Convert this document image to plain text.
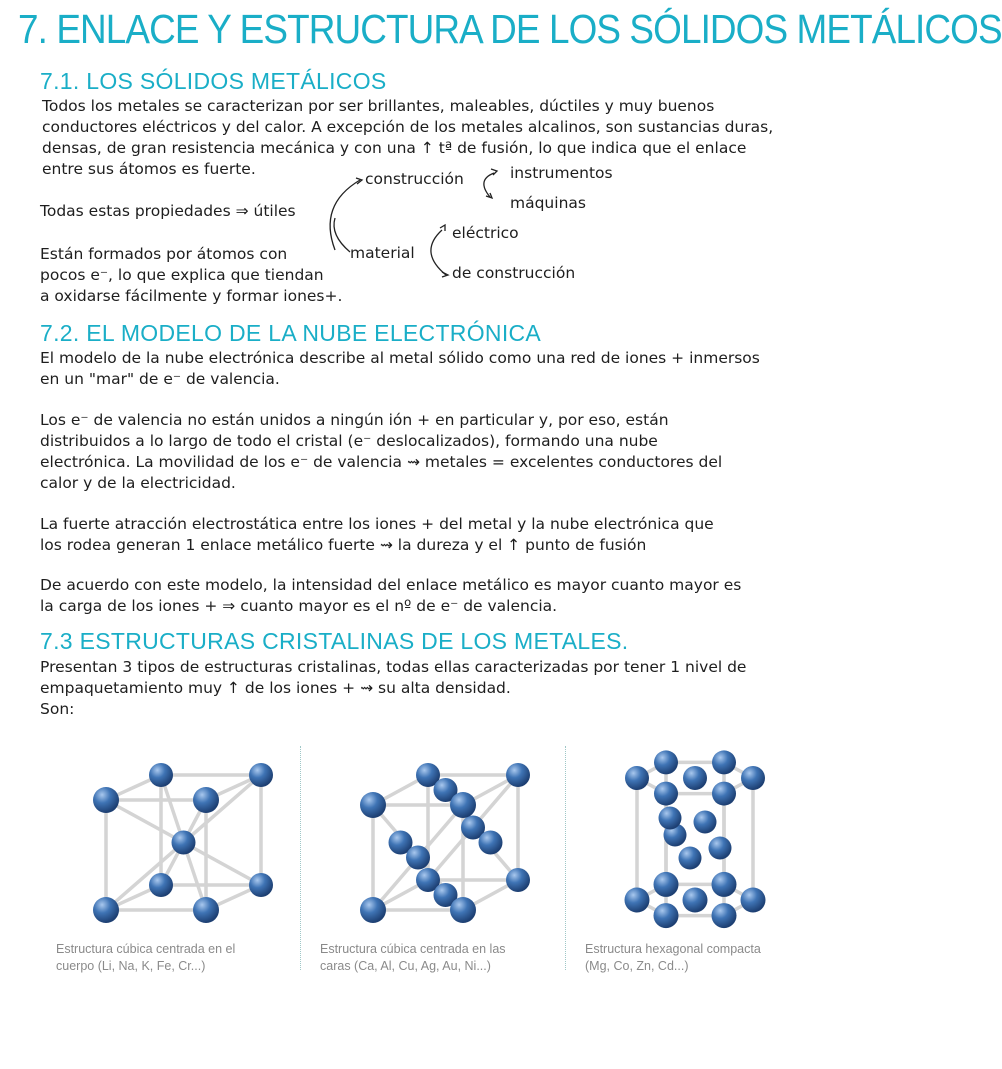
7. ENLACE Y ESTRUCTURA DE LOS SÓLIDOS METÁLICOS
7.1. LOS SÓLIDOS METÁLICOS
Todos los metales se caracterizan por ser brillantes, maleables, dúctiles y muy buenos
conductores eléctricos y del calor. A excepción de los metales alcalinos, son sustancias duras,
densas, de gran resistencia mecánica y con una ↑ tª de fusión, lo que indica que el enlace
entre sus átomos es fuerte.
Todas estas propiedades ⇒ útiles
Están formados por átomos con
pocos e⁻, lo que explica que tiendan
a oxidarse fácilmente y formar iones+.
construcción	instrumentos
máquinas
material
eléctrico
de construcción
7.2. EL MODELO DE LA NUBE ELECTRÓNICA
El modelo de la nube electrónica describe al metal sólido como una red de iones + inmersos
en un "mar" de e⁻ de valencia.
Los e⁻ de valencia no están unidos a ningún ión + en particular y, por eso, están
distribuidos a lo largo de todo el cristal (e⁻ deslocalizados), formando una nube
electrónica. La movilidad de los e⁻ de valencia ⇝ metales = excelentes conductores del
calor y de la electricidad.
La fuerte atracción electrostática entre los iones + del metal y la nube electrónica que
los rodea generan 1 enlace metálico fuerte ⇝ la dureza y el ↑ punto de fusión
De acuerdo con este modelo, la intensidad del enlace metálico es mayor cuanto mayor es
la carga de los iones + ⇒ cuanto mayor es el nº de e⁻ de valencia.
7.3 ESTRUCTURAS CRISTALINAS DE LOS METALES.
Presentan 3 tipos de estructuras cristalinas, todas ellas caracterizadas por tener 1 nivel de
empaquetamiento muy ↑ de los iones + ⇝ su alta densidad.
Son:
Estructura cúbica centrada en el
cuerpo (Li, Na, K, Fe, Cr...)
Estructura cúbica centrada en las
caras (Ca, Al, Cu, Ag, Au, Ni...)
Estructura hexagonal compacta
(Mg, Co, Zn, Cd...)
